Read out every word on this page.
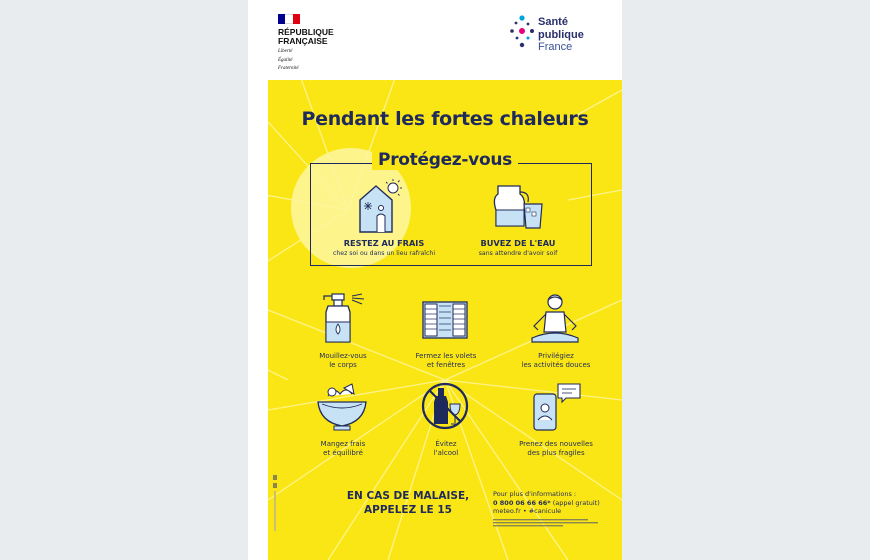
RÉPUBLIQUE
FRANÇAISE
Liberté
Égalité
Fraternité
Santé
publique
France
Pendant les fortes chaleurs
Protégez-vous
RESTEZ AU FRAIS
chez soi ou dans un lieu rafraîchi
BUVEZ DE L'EAU
sans attendre d'avoir soif
Mouillez-vous
le corps
Fermez les volets
et fenêtres
Privilégiez
les activités douces
Mangez frais
et équilibré
Évitez
l'alcool
Prenez des nouvelles
des plus fragiles
EN CAS DE MALAISE,
APPELEZ LE 15
Pour plus d'informations :
0 800 06 66 66* (appel gratuit)
meteo.fr • #canicule
